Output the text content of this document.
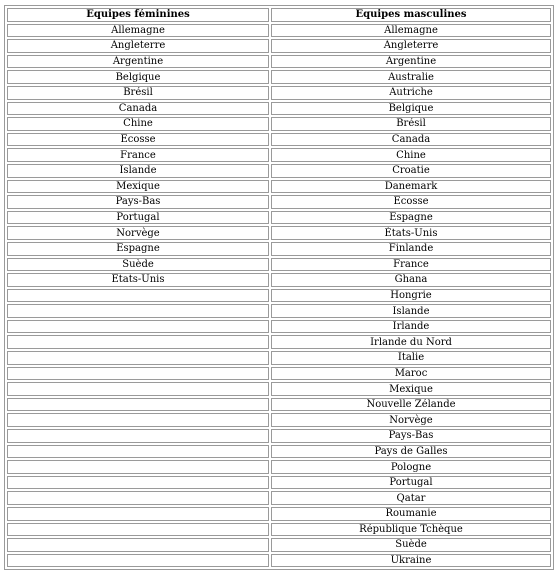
Équipes féminines	Équipes masculines
Allemagne	Allemagne
Angleterre	Angleterre
Argentine	Argentine
Belgique	Australie
Brésil	Autriche
Canada	Belgique
Chine	Brésil
Écosse	Canada
France	Chine
Islande	Croatie
Mexique	Danemark
Pays-Bas	Écosse
Portugal	Espagne
Norvège	États-Unis
Espagne	Finlande
Suède	France
États-Unis	Ghana
	Hongrie
	Islande
	Irlande
	Irlande du Nord
	Italie
	Maroc
	Mexique
	Nouvelle Zélande
	Norvège
	Pays-Bas
	Pays de Galles
	Pologne
	Portugal
	Qatar
	Roumanie
	République Tchèque
	Suède
	Ukraine
